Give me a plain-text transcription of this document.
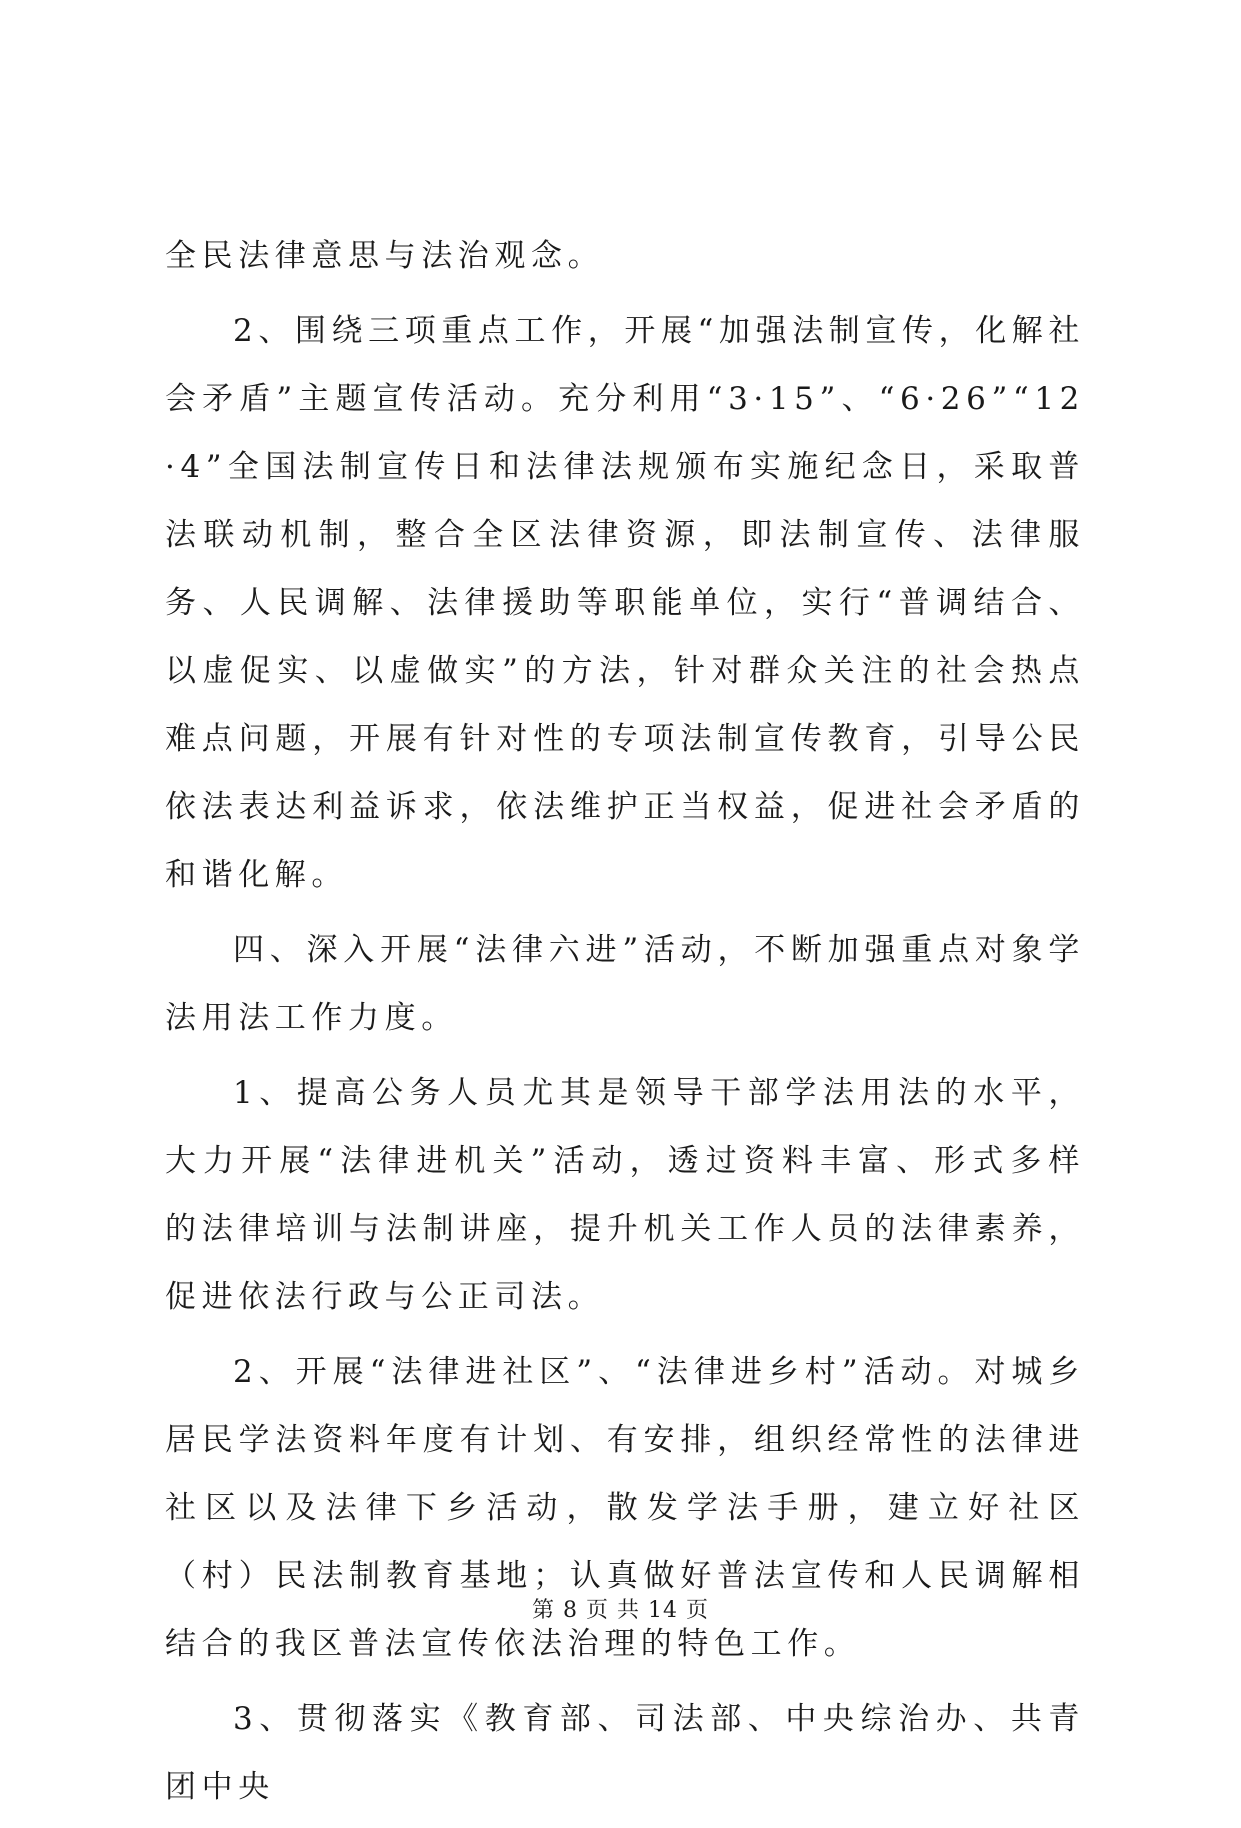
全民法律意思与法治观念。

2、围绕三项重点工作，开展“加强法制宣传，化解社会矛盾”主题宣传活动。充分利用“3·15”、“6·26”“12·4”全国法制宣传日和法律法规颁布实施纪念日，采取普法联动机制，整合全区法律资源，即法制宣传、法律服务、人民调解、法律援助等职能单位，实行“普调结合、以虚促实、以虚做实”的方法，针对群众关注的社会热点难点问题，开展有针对性的专项法制宣传教育，引导公民依法表达利益诉求，依法维护正当权益，促进社会矛盾的和谐化解。

四、深入开展“法律六进”活动，不断加强重点对象学法用法工作力度。

1、提高公务人员尤其是领导干部学法用法的水平，大力开展“法律进机关”活动，透过资料丰富、形式多样的法律培训与法制讲座，提升机关工作人员的法律素养，促进依法行政与公正司法。

2、开展“法律进社区”、“法律进乡村”活动。对城乡居民学法资料年度有计划、有安排，组织经常性的法律进社区以及法律下乡活动，散发学法手册，建立好社区（村）民法制教育基地；认真做好普法宣传和人民调解相结合的我区普法宣传依法治理的特色工作。

3、贯彻落实《教育部、司法部、中央综治办、共青团中央

第 8 页 共 14 页
